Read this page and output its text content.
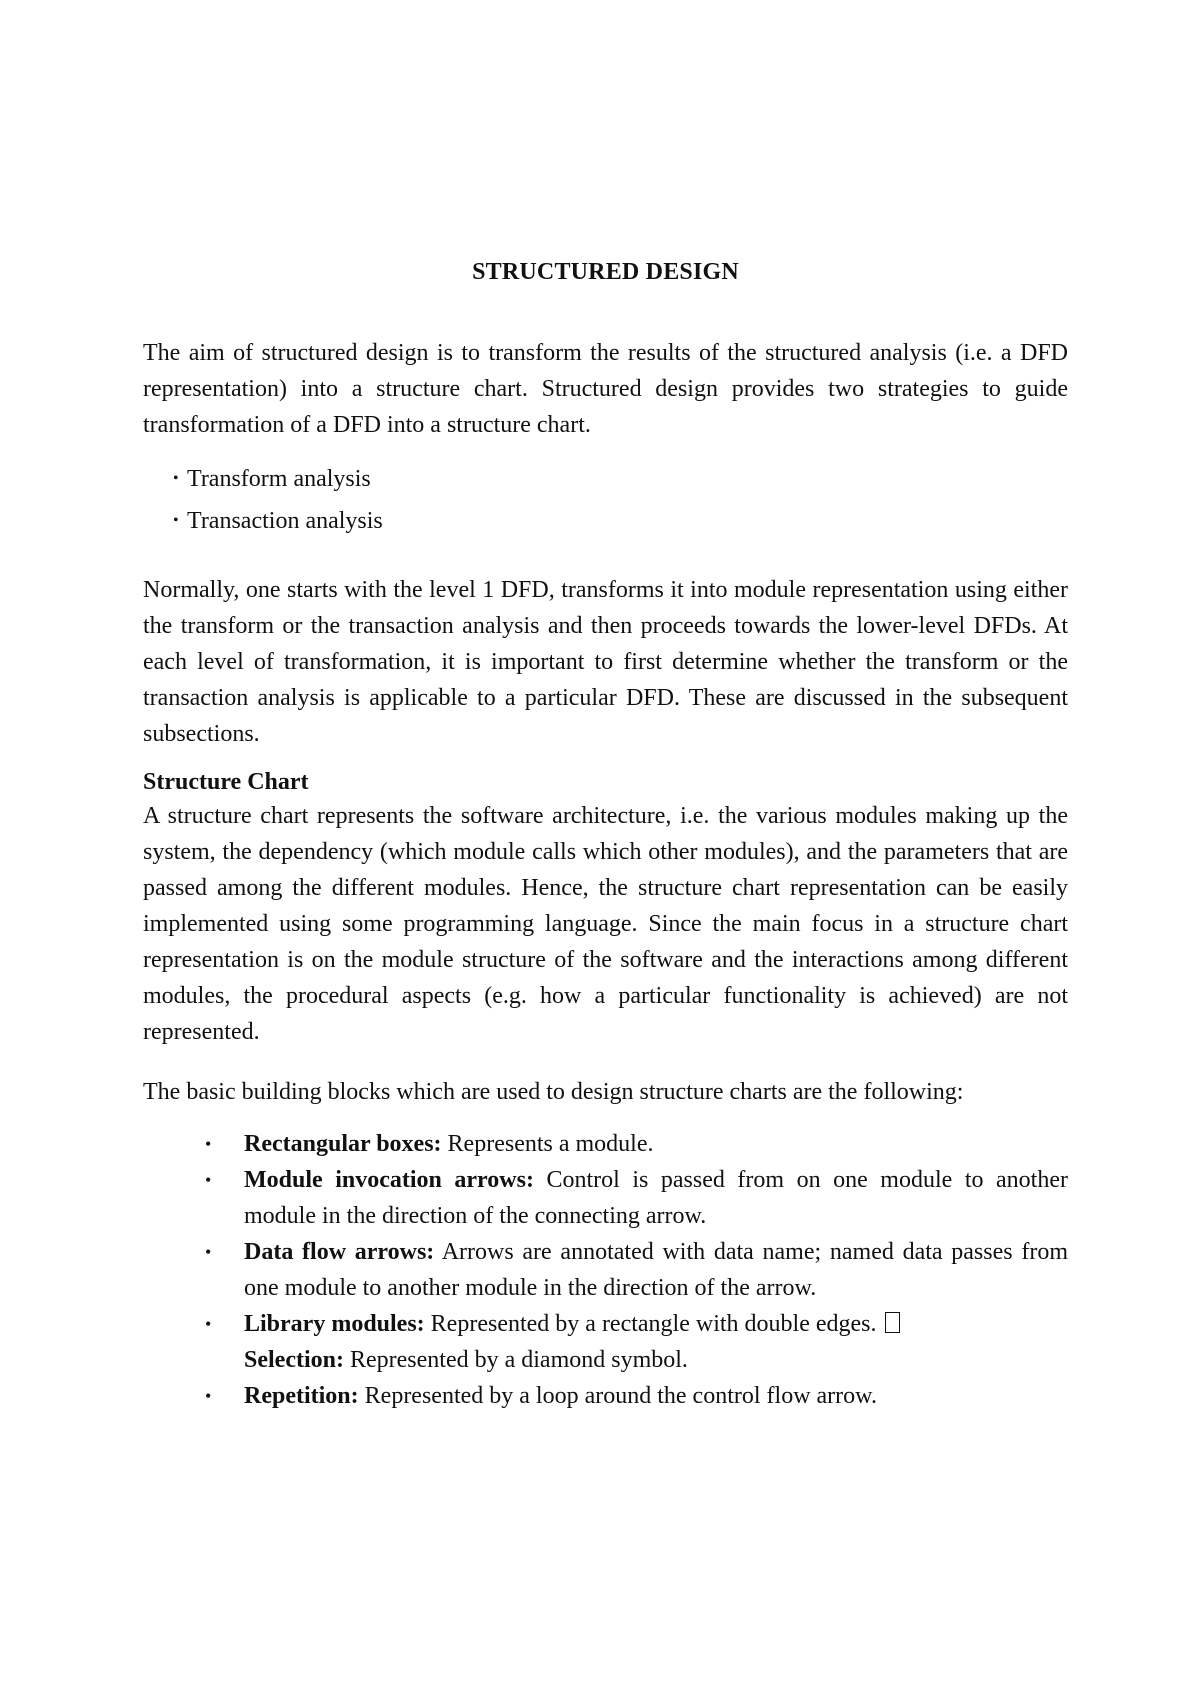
STRUCTURED DESIGN

The aim of structured design is to transform the results of the structured analysis (i.e. a DFD representation) into a structure chart. Structured design provides two strategies to guide transformation of a DFD into a structure chart.

• Transform analysis
• Transaction analysis

Normally, one starts with the level 1 DFD, transforms it into module representation using either the transform or the transaction analysis and then proceeds towards the lower-level DFDs. At each level of transformation, it is important to first determine whether the transform or the transaction analysis is applicable to a particular DFD. These are discussed in the subsequent subsections.

Structure Chart

A structure chart represents the software architecture, i.e. the various modules making up the system, the dependency (which module calls which other modules), and the parameters that are passed among the different modules. Hence, the structure chart representation can be easily implemented using some programming language. Since the main focus in a structure chart representation is on the module structure of the software and the interactions among different modules, the procedural aspects (e.g. how a particular functionality is achieved) are not represented.

The basic building blocks which are used to design structure charts are the following:

• Rectangular boxes: Represents a module.
• Module invocation arrows: Control is passed from on one module to another module in the direction of the connecting arrow.
• Data flow arrows: Arrows are annotated with data name; named data passes from one module to another module in the direction of the arrow.
• Library modules: Represented by a rectangle with double edges.
Selection: Represented by a diamond symbol.
• Repetition: Represented by a loop around the control flow arrow.
